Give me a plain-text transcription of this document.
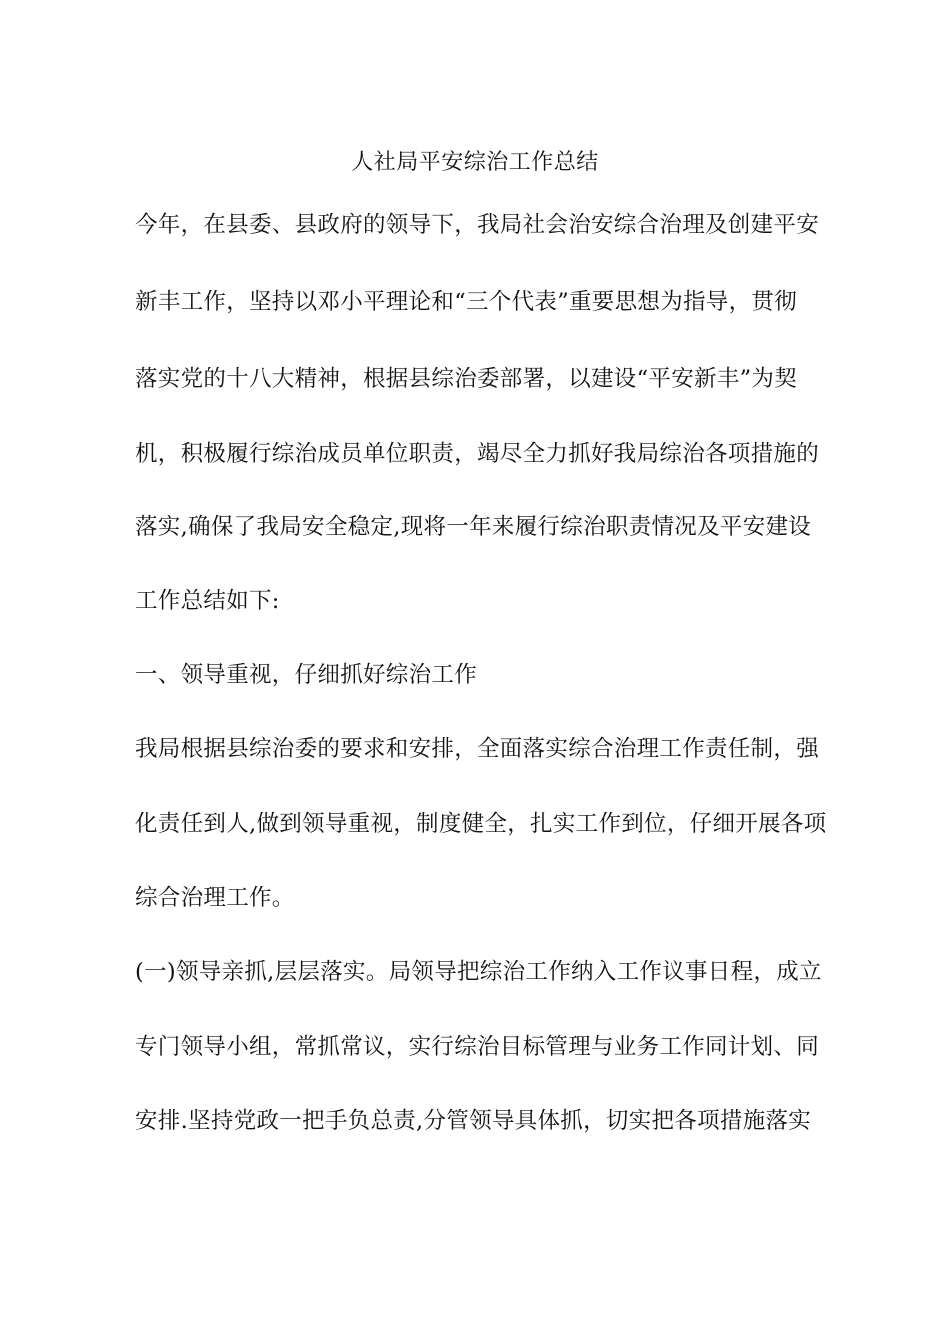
人社局平安综治工作总结
今年，在县委、县政府的领导下，我局社会治安综合治理及创建平安
新丰工作，坚持以邓小平理论和“三个代表”重要思想为指导，贯彻
落实党的十八大精神，根据县综治委部署，以建设“平安新丰”为契
机，积极履行综治成员单位职责，竭尽全力抓好我局综治各项措施的
落实,确保了我局安全稳定,现将一年来履行综治职责情况及平安建设
工作总结如下:
一、领导重视，仔细抓好综治工作
我局根据县综治委的要求和安排，全面落实综合治理工作责任制，强
化责任到人,做到领导重视，制度健全，扎实工作到位，仔细开展各项
综合治理工作。
(一)领导亲抓,层层落实。局领导把综治工作纳入工作议事日程，成立
专门领导小组，常抓常议，实行综治目标管理与业务工作同计划、同
安排.坚持党政一把手负总责,分管领导具体抓，切实把各项措施落实
